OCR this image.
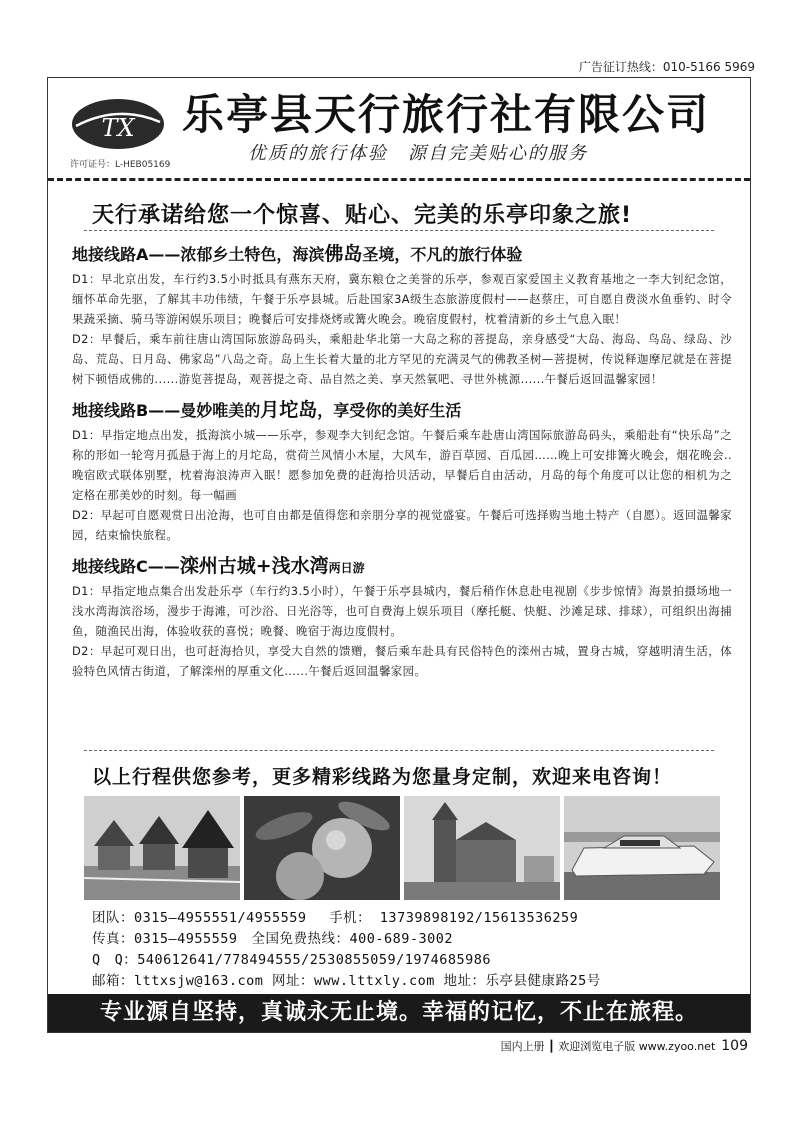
广告征订热线：010-5166 5969
TX
许可证号：L-HEB05169
乐亭县天行旅行社有限公司
优质的旅行体验　源自完美贴心的服务
天行承诺给您一个惊喜、贴心、完美的乐亭印象之旅!
地接线路A——浓郁乡土特色，海滨佛岛圣境，不凡的旅行体验

D1：早北京出发，车行约3.5小时抵具有燕东天府，冀东粮仓之美誉的乐亭，参观百家爱国主义教育基地之一李大钊纪念馆，缅怀革命先驱，了解其丰功伟绩，午餐于乐亭县城。后赴国家3A级生态旅游度假村——赵蔡庄，可自愿自费淡水鱼垂钓、时令果蔬采摘、骑马等游闲娱乐项目；晚餐后可安排烧烤或篝火晚会。晚宿度假村，枕着清新的乡土气息入眠！

D2：早餐后，乘车前往唐山湾国际旅游岛码头，乘船赴华北第一大岛之称的菩提岛，亲身感受“大岛、海岛、鸟岛、绿岛、沙岛、荒岛、日月岛、佛家岛”八岛之奇。岛上生长着大量的北方罕见的充满灵气的佛教圣树—菩提树，传说释迦摩尼就是在菩提树下顿悟成佛的......游览菩提岛，观菩提之奇、品自然之美、享天然氧吧、寻世外桃源......午餐后返回温馨家园！

地接线路B——曼妙唯美的月坨岛，享受你的美好生活

D1：早指定地点出发，抵海滨小城——乐亭，参观李大钊纪念馆。午餐后乘车赴唐山湾国际旅游岛码头，乘船赴有“快乐岛”之称的形如一轮弯月孤悬于海上的月坨岛，赏荷兰风情小木屋，大风车，游百草园、百瓜园……晚上可安排篝火晚会，烟花晚会..晚宿欧式联体别墅，枕着海浪涛声入眠！愿参加免费的赶海拾贝活动，早餐后自由活动，月岛的每个角度可以让您的相机为之定格在那美妙的时刻。每一幅画

D2：早起可自愿观赏日出沧海，也可自由都是值得您和亲朋分享的视觉盛宴。午餐后可选择购当地土特产（自愿）。返回温馨家园，结束愉快旅程。

地接线路C——滦州古城+浅水湾两日游

D1：早指定地点集合出发赴乐亭（车行约3.5小时），午餐于乐亭县城内，餐后稍作休息赴电视剧《步步惊情》海景拍摄场地一浅水湾海滨浴场，漫步于海滩，可沙浴、日光浴等，也可自费海上娱乐项目（摩托艇、快艇、沙滩足球、排球），可组织出海捕鱼，随渔民出海，体验收获的喜悦；晚餐、晚宿于海边度假村。

D2：早起可观日出，也可赶海拾贝，享受大自然的馈赠，餐后乘车赴具有民俗特色的滦州古城，置身古城，穿越明清生活，体验特色风情古街道，了解滦州的厚重文化......午餐后返回温馨家园。

以上行程供您参考，更多精彩线路为您量身定制，欢迎来电咨询！
团队：0315—4955551/4955559　 手机： 13739898192/15613536259
传真：0315—4955559　全国免费热线：400-689-3002
Q　Q：540612641/778494555/2530855059/1974685986
邮箱：lttxsjw@163.com 网址：www.lttxly.com 地址：乐亭县健康路25号
专业源自坚持，真诚永无止境。幸福的记忆，不止在旅程。
国内上册 ┃ 欢迎浏览电子版 www.zyoo.net 109
